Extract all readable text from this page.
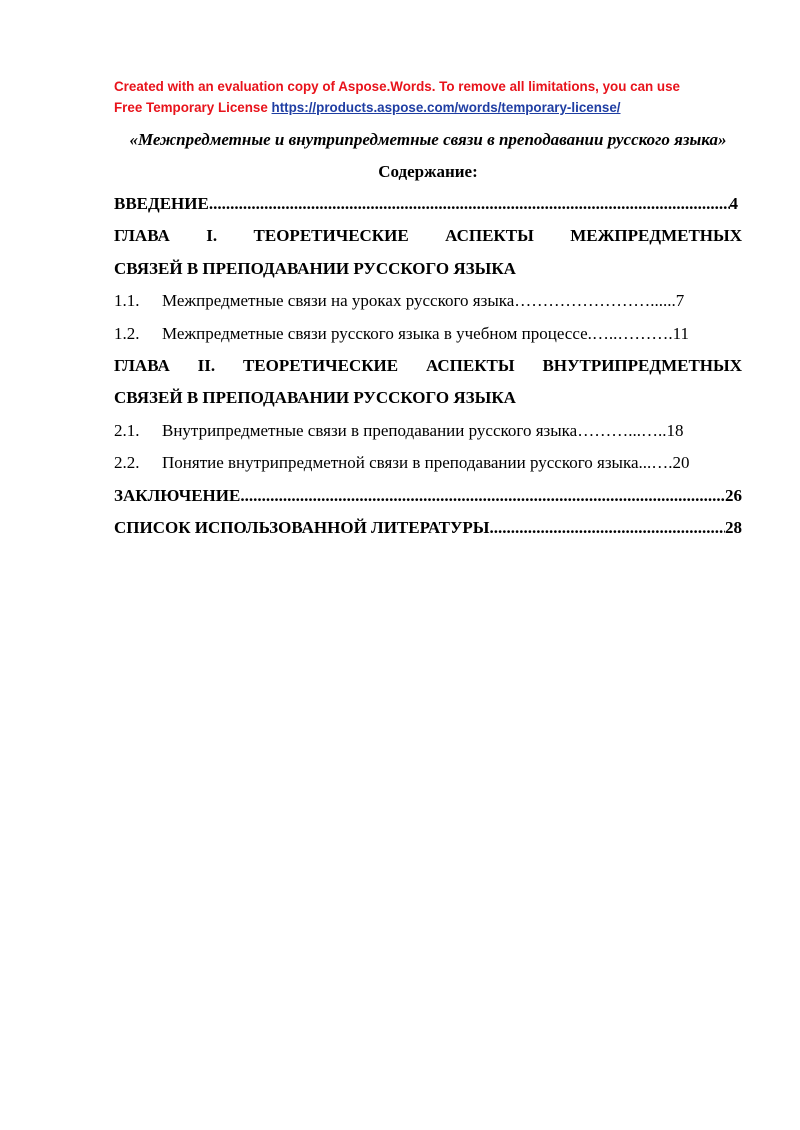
Created with an evaluation copy of Aspose.Words. To remove all limitations, you can use
Free Temporary License https://products.aspose.com/words/temporary-license/

«Межпредметные и внутрипредметные связи в преподавании русского языка»

Содержание:

ВВЕДЕНИЕ .....	4
ГЛАВА I. ТЕОРЕТИЧЕСКИЕ АСПЕКТЫ МЕЖПРЕДМЕТНЫХ
СВЯЗЕЙ В ПРЕПОДАВАНИИ РУССКОГО ЯЗЫКА
1.1.	Межпредметные связи на уроках русского языка ……………………...... 7
1.2.	Межпредметные связи русского языка в учебном процессе .…..………. 11
ГЛАВА II. ТЕОРЕТИЧЕСКИЕ АСПЕКТЫ ВНУТРИПРЕДМЕТНЫХ
СВЯЗЕЙ В ПРЕПОДАВАНИИ РУССКОГО ЯЗЫКА
2.1.	Внутрипредметные связи в преподавании русского языка ………...….. 18
2.2.	Понятие внутрипредметной связи в преподавании русского языка ...…. 20
ЗАКЛЮЧЕНИЕ .....	26
СПИСОК ИСПОЛЬЗОВАННОЙ ЛИТЕРАТУРЫ .....	28
